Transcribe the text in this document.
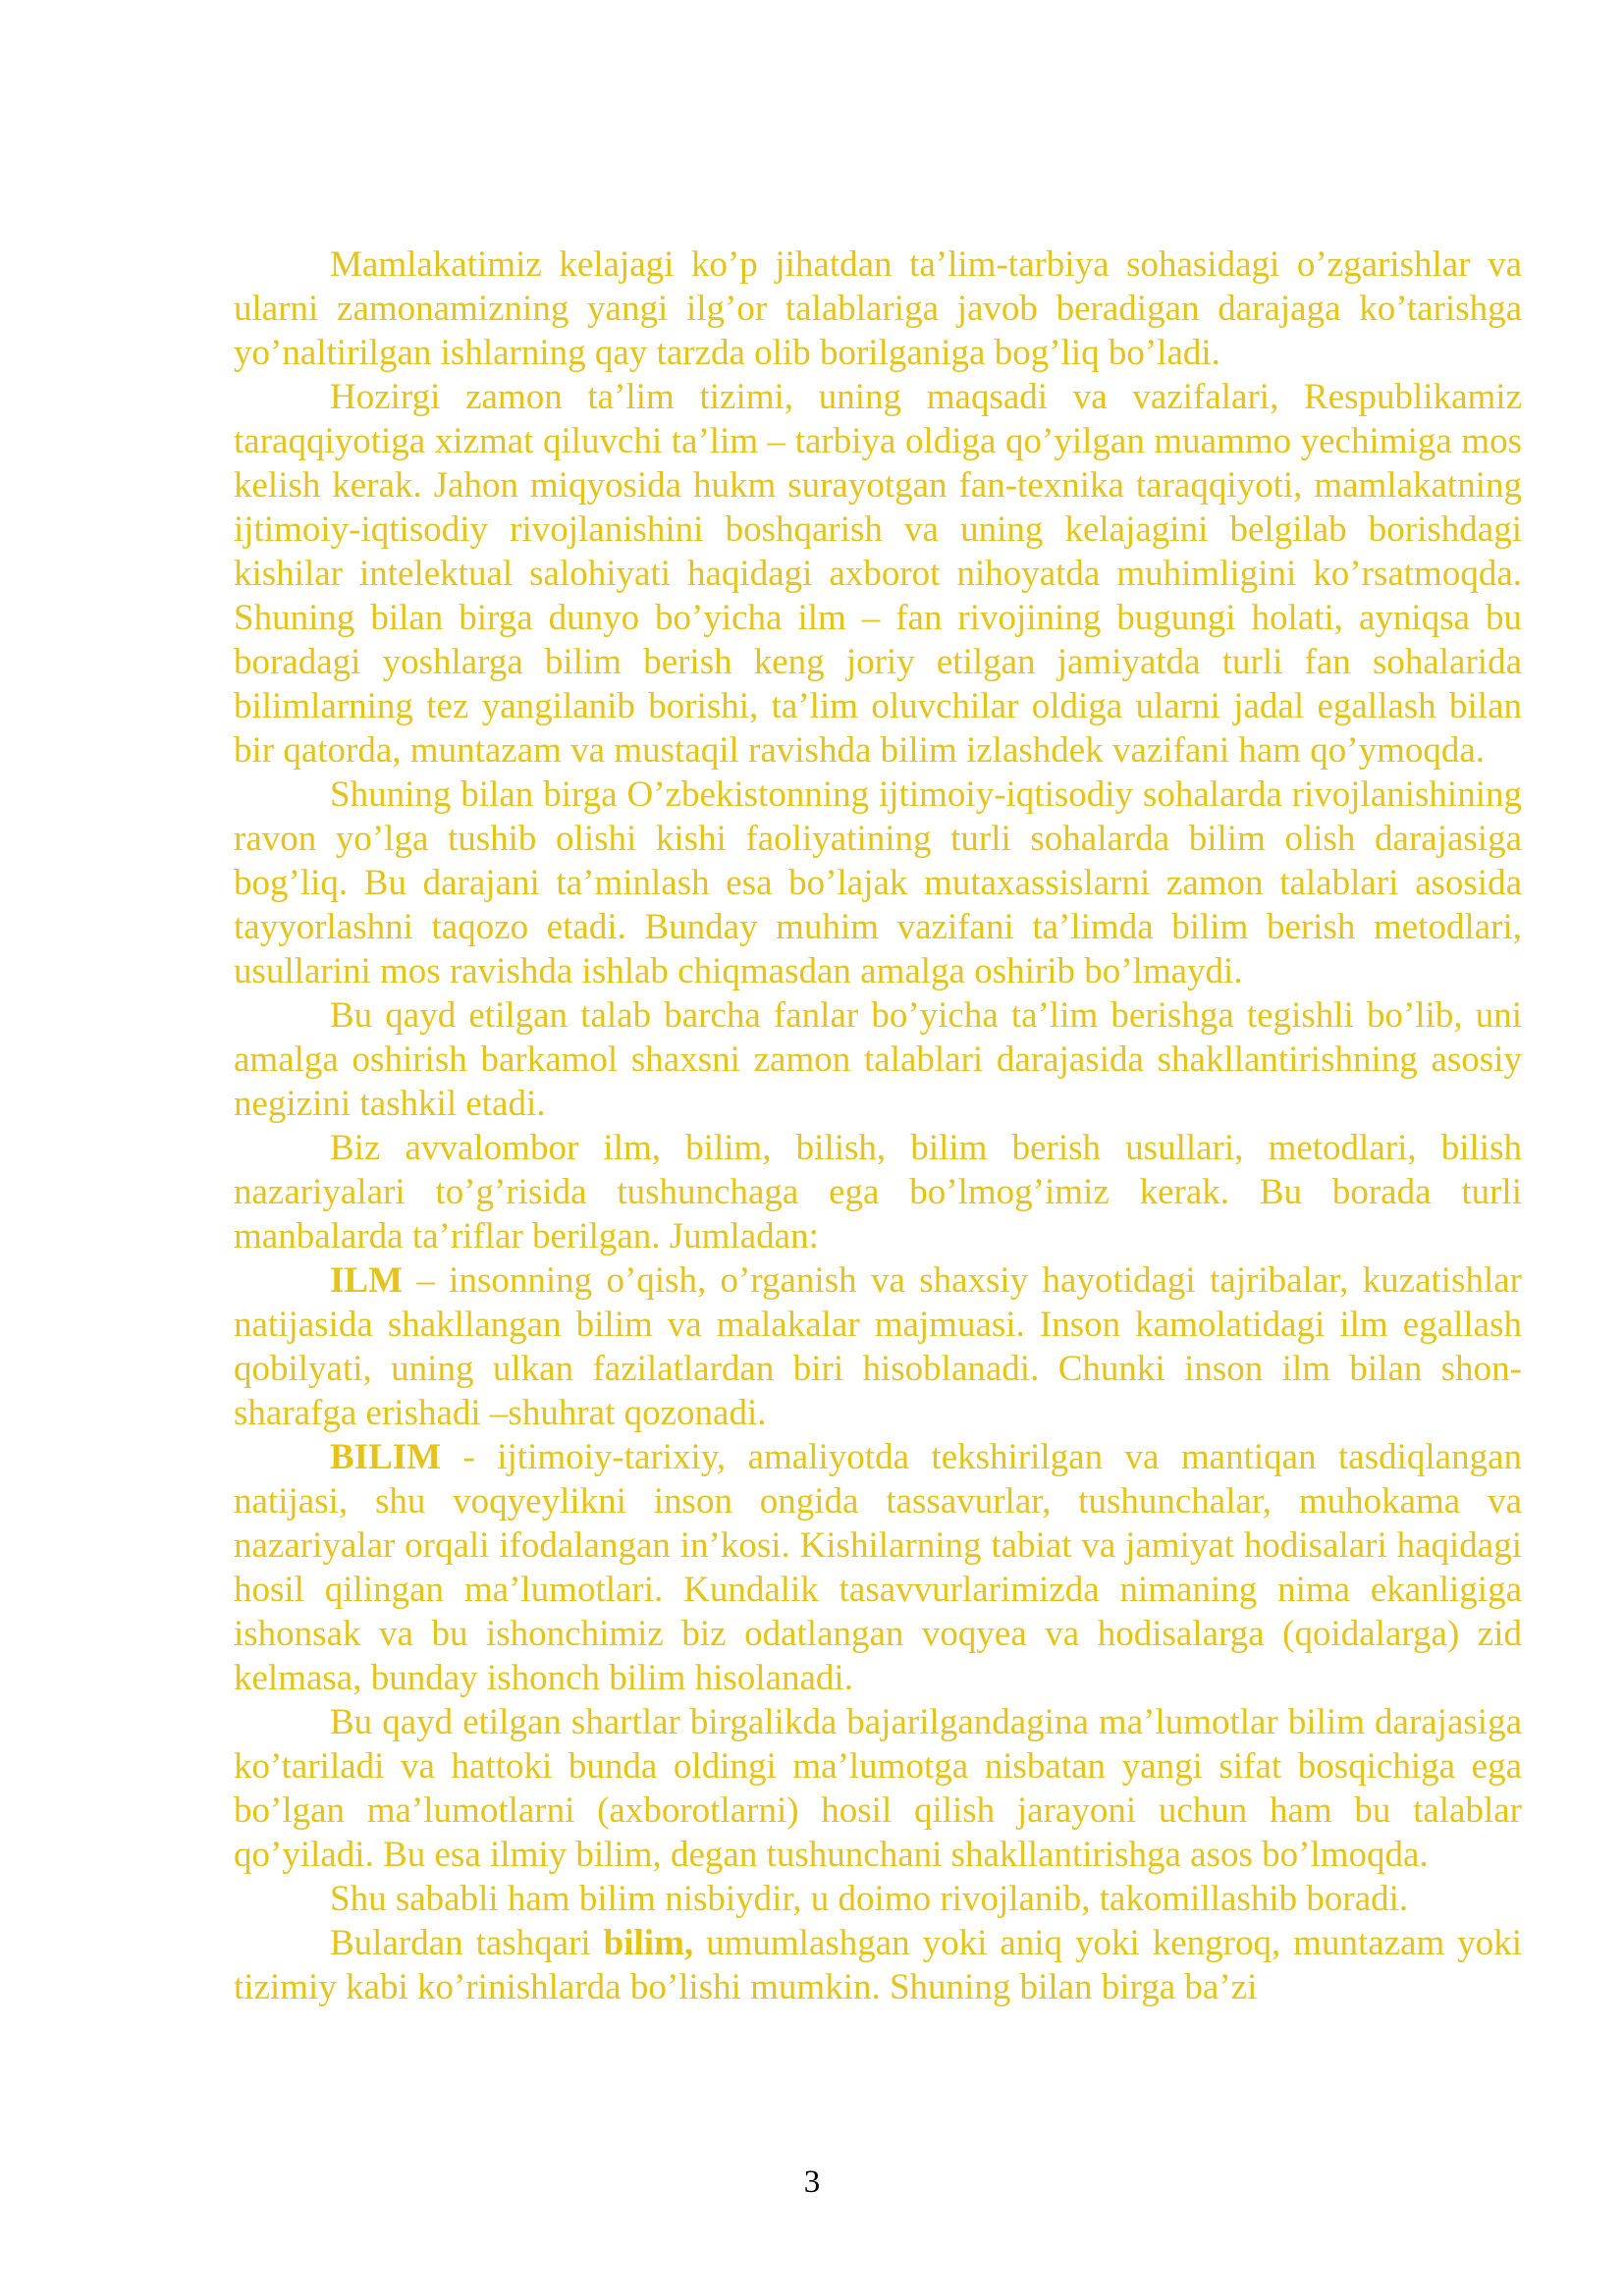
Mamlakatimiz kelajagi ko’p jihatdan ta’lim-tarbiya sohasidagi o’zgarishlar va ularni zamonamizning yangi ilg’or talablariga javob beradigan darajaga ko’tarishga yo’naltirilgan ishlarning qay tarzda olib borilganiga bog’liq bo’ladi.

Hozirgi zamon ta’lim tizimi, uning maqsadi va vazifalari, Respublikamiz taraqqiyotiga xizmat qiluvchi ta’lim – tarbiya oldiga qo’yilgan muammo yechimiga mos kelish kerak. Jahon miqyosida hukm surayotgan fan-texnika taraqqiyoti, mamlakatning ijtimoiy-iqtisodiy rivojlanishini boshqarish va uning kelajagini belgilab borishdagi kishilar intelektual salohiyati haqidagi axborot nihoyatda muhimligini ko’rsatmoqda. Shuning bilan birga dunyo bo’yicha ilm – fan rivojining bugungi holati, ayniqsa bu boradagi yoshlarga bilim berish keng joriy etilgan jamiyatda turli fan sohalarida bilimlarning tez yangilanib borishi, ta’lim oluvchilar oldiga ularni jadal egallash bilan bir qatorda, muntazam va mustaqil ravishda bilim izlashdek vazifani ham qo’ymoqda.

Shuning bilan birga O’zbekistonning ijtimoiy-iqtisodiy sohalarda rivojlanishining ravon yo’lga tushib olishi kishi faoliyatining turli sohalarda bilim olish darajasiga bog’liq. Bu darajani ta’minlash esa bo’lajak mutaxassislarni zamon talablari asosida tayyorlashni taqozo etadi. Bunday muhim vazifani ta’limda bilim berish metodlari, usullarini mos ravishda ishlab chiqmasdan amalga oshirib bo’lmaydi.

Bu qayd etilgan talab barcha fanlar bo’yicha ta’lim berishga tegishli bo’lib, uni amalga oshirish barkamol shaxsni zamon talablari darajasida shakllantirishning asosiy negizini tashkil etadi.

Biz avvalombor ilm, bilim, bilish, bilim berish usullari, metodlari, bilish nazariyalari to’g’risida tushunchaga ega bo’lmog’imiz kerak. Bu borada turli manbalarda ta’riflar berilgan. Jumladan:

ILM – insonning o’qish, o’rganish va shaxsiy hayotidagi tajribalar, kuzatishlar natijasida shakllangan bilim va malakalar majmuasi. Inson kamolatidagi ilm egallash qobilyati, uning ulkan fazilatlardan biri hisoblanadi. Chunki inson ilm bilan shon- sharafga erishadi –shuhrat qozonadi.

BILIM - ijtimoiy-tarixiy, amaliyotda tekshirilgan va mantiqan tasdiqlangan natijasi, shu voqyeylikni inson ongida tassavurlar, tushunchalar, muhokama va nazariyalar orqali ifodalangan in’kosi. Kishilarning tabiat va jamiyat hodisalari haqidagi hosil qilingan ma’lumotlari. Kundalik tasavvurlarimizda nimaning nima ekanligiga ishonsak va bu ishonchimiz biz odatlangan voqyea va hodisalarga (qoidalarga) zid kelmasa, bunday ishonch bilim hisolanadi.

Bu qayd etilgan shartlar birgalikda bajarilgandagina ma’lumotlar bilim darajasiga ko’tariladi va hattoki bunda oldingi ma’lumotga nisbatan yangi sifat bosqichiga ega bo’lgan ma’lumotlarni (axborotlarni) hosil qilish jarayoni uchun ham bu talablar qo’yiladi. Bu esa ilmiy bilim, degan tushunchani shakllantirishga asos bo’lmoqda.

Shu sababli ham bilim nisbiydir, u doimo rivojlanib, takomillashib boradi.

Bulardan tashqari bilim, umumlashgan yoki aniq yoki kengroq, muntazam yoki tizimiy kabi ko’rinishlarda bo’lishi mumkin. Shuning bilan birga ba’zi

3
